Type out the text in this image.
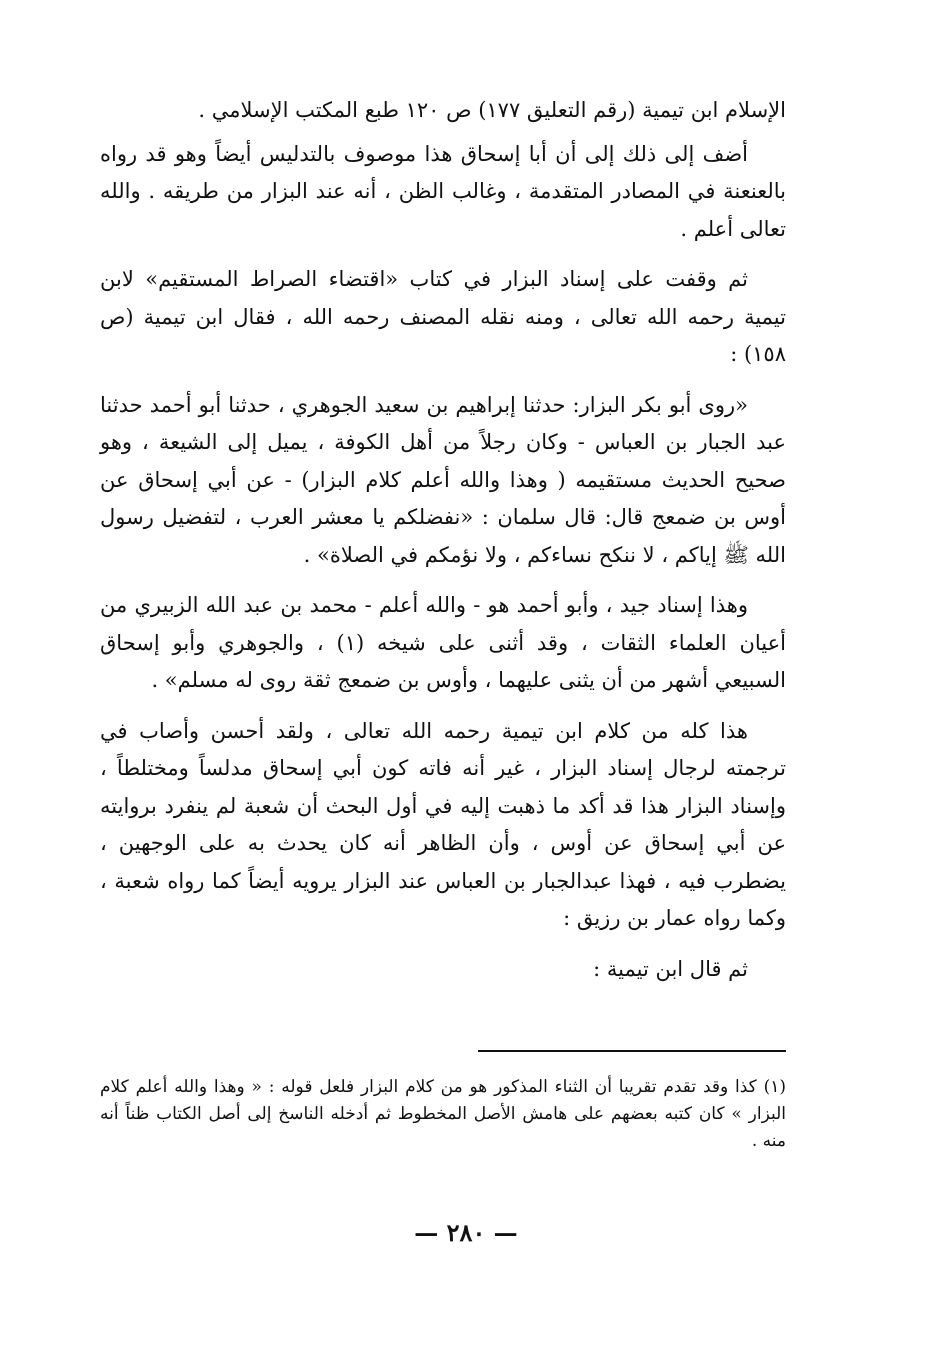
الإسلام ابن تيمية (رقم التعليق ١٧٧) ص ١٢٠ طبع المكتب الإسلامي .

أضف إلى ذلك إلى أن أبا إسحاق هذا موصوف بالتدليس أيضاً وهو قد رواه بالعنعنة في المصادر المتقدمة ، وغالب الظن ، أنه عند البزار من طريقه . والله تعالى أعلم .

ثم وقفت على إسناد البزار في كتاب «اقتضاء الصراط المستقيم» لابن تيمية رحمه الله تعالى ، ومنه نقله المصنف رحمه الله ، فقال ابن تيمية (ص ١٥٨) :

«روى أبو بكر البزار: حدثنا إبراهيم بن سعيد الجوهري ، حدثنا أبو أحمد حدثنا عبد الجبار بن العباس - وكان رجلاً من أهل الكوفة ، يميل إلى الشيعة ، وهو صحيح الحديث مستقيمه ( وهذا والله أعلم كلام البزار) - عن أبي إسحاق عن أوس بن ضمعج قال: قال سلمان : «نفضلكم يا معشر العرب ، لتفضيل رسول الله ﷺ إياكم ، لا ننكح نساءكم ، ولا نؤمكم في الصلاة» .

وهذا إسناد جيد ، وأبو أحمد هو - والله أعلم - محمد بن عبد الله الزبيري من أعيان العلماء الثقات ، وقد أثنى على شيخه (١) ، والجوهري وأبو إسحاق السبيعي أشهر من أن يثنى عليهما ، وأوس بن ضمعج ثقة روى له مسلم» .

هذا كله من كلام ابن تيمية رحمه الله تعالى ، ولقد أحسن وأصاب في ترجمته لرجال إسناد البزار ، غير أنه فاته كون أبي إسحاق مدلساً ومختلطاً ، وإسناد البزار هذا قد أكد ما ذهبت إليه في أول البحث أن شعبة لم ينفرد بروايته عن أبي إسحاق عن أوس ، وأن الظاهر أنه كان يحدث به على الوجهين ، يضطرب فيه ، فهذا عبدالجبار بن العباس عند البزار يرويه أيضاً كما رواه شعبة ، وكما رواه عمار بن رزيق :

ثم قال ابن تيمية :

(١) كذا وقد تقدم تقريبا أن الثناء المذكور هو من كلام البزار فلعل قوله : « وهذا والله أعلم كلام البزار » كان كتبه بعضهم على هامش الأصل المخطوط ثم أدخله الناسخ إلى أصل الكتاب ظناً أنه منه .

— ٢٨٠ —
